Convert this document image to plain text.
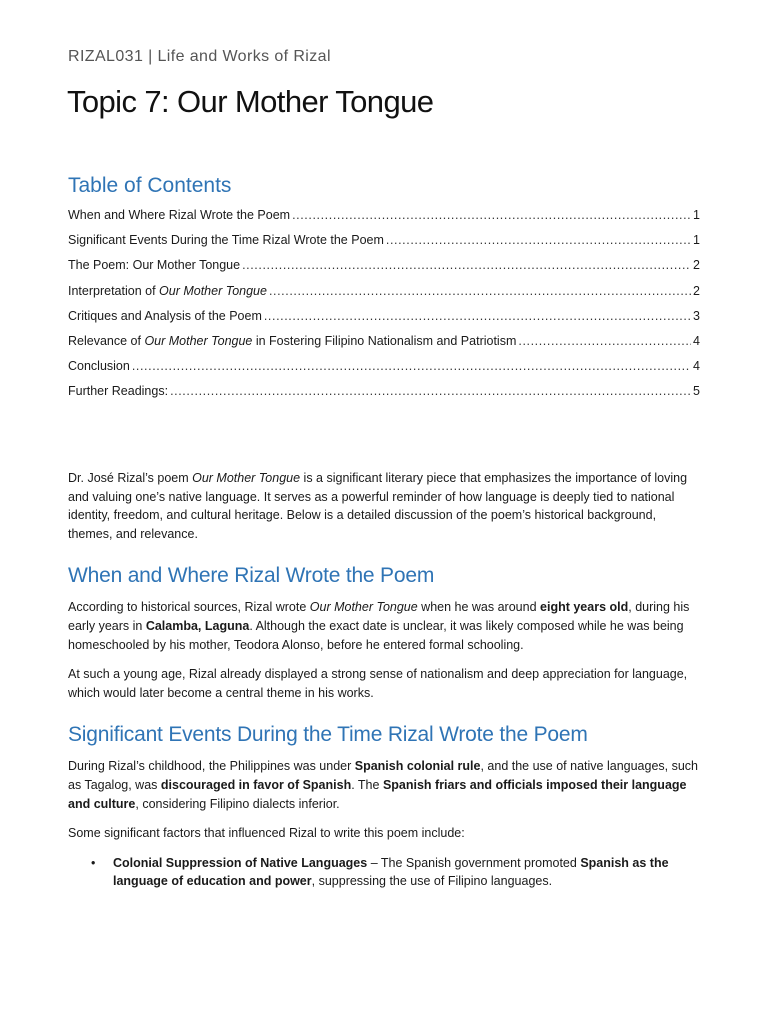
RIZAL031 | Life and Works of Rizal
Topic 7: Our Mother Tongue
Table of Contents
When and Where Rizal Wrote the Poem .....	1
Significant Events During the Time Rizal Wrote the Poem .....	1
The Poem: Our Mother Tongue .....	2
Interpretation of Our Mother Tongue .....	2
Critiques and Analysis of the Poem .....	3
Relevance of Our Mother Tongue in Fostering Filipino Nationalism and Patriotism .....	4
Conclusion .....	4
Further Readings: .....	5

Dr. José Rizal’s poem Our Mother Tongue is a significant literary piece that emphasizes the importance of loving and valuing one’s native language. It serves as a powerful reminder of how language is deeply tied to national identity, freedom, and cultural heritage. Below is a detailed discussion of the poem’s historical background, themes, and relevance.

When and Where Rizal Wrote the Poem

According to historical sources, Rizal wrote Our Mother Tongue when he was around eight years old, during his early years in Calamba, Laguna. Although the exact date is unclear, it was likely composed while he was being homeschooled by his mother, Teodora Alonso, before he entered formal schooling.

At such a young age, Rizal already displayed a strong sense of nationalism and deep appreciation for language, which would later become a central theme in his works.

Significant Events During the Time Rizal Wrote the Poem

During Rizal’s childhood, the Philippines was under Spanish colonial rule, and the use of native languages, such as Tagalog, was discouraged in favor of Spanish. The Spanish friars and officials imposed their language and culture, considering Filipino dialects inferior.

Some significant factors that influenced Rizal to write this poem include:

• Colonial Suppression of Native Languages – The Spanish government promoted Spanish as the language of education and power, suppressing the use of Filipino languages.
